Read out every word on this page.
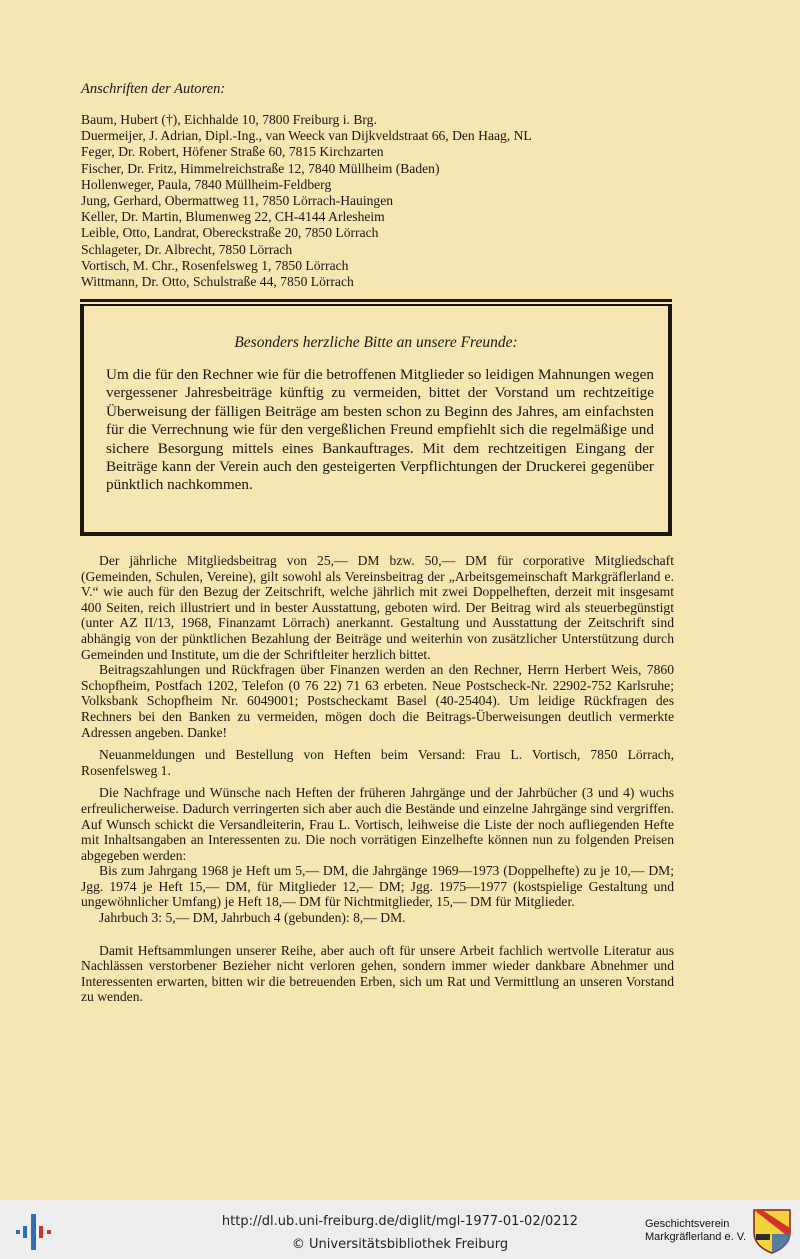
Anschriften der Autoren:
Baum, Hubert (†), Eichhalde 10, 7800 Freiburg i. Brg.
Duermeijer, J. Adrian, Dipl.-Ing., van Weeck van Dijkveldstraat 66, Den Haag, NL
Feger, Dr. Robert, Höfener Straße 60, 7815 Kirchzarten
Fischer, Dr. Fritz, Himmelreichstraße 12, 7840 Müllheim (Baden)
Hollenweger, Paula, 7840 Müllheim-Feldberg
Jung, Gerhard, Obermattweg 11, 7850 Lörrach-Hauingen
Keller, Dr. Martin, Blumenweg 22, CH-4144 Arlesheim
Leible, Otto, Landrat, Obereckstraße 20, 7850 Lörrach
Schlageter, Dr. Albrecht, 7850 Lörrach
Vortisch, M. Chr., Rosenfelsweg 1, 7850 Lörrach
Wittmann, Dr. Otto, Schulstraße 44, 7850 Lörrach
Besonders herzliche Bitte an unsere Freunde:
Um die für den Rechner wie für die betroffenen Mitglieder so leidigen Mahnungen wegen vergessener Jahresbeiträge künftig zu vermeiden, bittet der Vorstand um rechtzeitige Überweisung der fälligen Beiträge am besten schon zu Beginn des Jahres, am einfachsten für die Verrechnung wie für den vergeßlichen Freund empfiehlt sich die regelmäßige und sichere Besorgung mittels eines Bankauftrages. Mit dem rechtzeitigen Eingang der Beiträge kann der Verein auch den gesteigerten Verpflichtungen der Druckerei gegenüber pünktlich nachkommen.

Der jährliche Mitgliedsbeitrag von 25,— DM bzw. 50,— DM für corporative Mitgliedschaft (Gemeinden, Schulen, Vereine), gilt sowohl als Vereinsbeitrag der „Arbeitsgemeinschaft Markgräflerland e. V.“ wie auch für den Bezug der Zeitschrift, welche jährlich mit zwei Doppelheften, derzeit mit insgesamt 400 Seiten, reich illustriert und in bester Ausstattung, geboten wird. Der Beitrag wird als steuerbegünstigt (unter AZ II/13, 1968, Finanzamt Lörrach) anerkannt. Gestaltung und Ausstattung der Zeitschrift sind abhängig von der pünktlichen Bezahlung der Beiträge und weiterhin von zusätzlicher Unterstützung durch Gemeinden und Institute, um die der Schriftleiter herzlich bittet.

Beitragszahlungen und Rückfragen über Finanzen werden an den Rechner, Herrn Herbert Weis, 7860 Schopfheim, Postfach 1202, Telefon (0 76 22) 71 63 erbeten. Neue Postscheck-Nr. 22902-752 Karlsruhe; Volksbank Schopfheim Nr. 6049001; Postscheckamt Basel (40-25404). Um leidige Rückfragen des Rechners bei den Banken zu vermeiden, mögen doch die Beitrags-Überweisungen deutlich vermerkte Adressen angeben. Danke!

Neuanmeldungen und Bestellung von Heften beim Versand: Frau L. Vortisch, 7850 Lörrach, Rosenfelsweg 1.

Die Nachfrage und Wünsche nach Heften der früheren Jahrgänge und der Jahrbücher (3 und 4) wuchs erfreulicherweise. Dadurch verringerten sich aber auch die Bestände und einzelne Jahrgänge sind vergriffen. Auf Wunsch schickt die Versandleiterin, Frau L. Vortisch, leihweise die Liste der noch aufliegenden Hefte mit Inhaltsangaben an Interessenten zu. Die noch vorrätigen Einzelhefte können nun zu folgenden Preisen abgegeben werden:

Bis zum Jahrgang 1968 je Heft um 5,— DM, die Jahrgänge 1969—1973 (Doppelhefte) zu je 10,— DM; Jgg. 1974 je Heft 15,— DM, für Mitglieder 12,— DM; Jgg. 1975—1977 (kostspielige Gestaltung und ungewöhnlicher Umfang) je Heft 18,— DM für Nichtmitglieder, 15,— DM für Mitglieder.

Jahrbuch 3: 5,— DM, Jahrbuch 4 (gebunden): 8,— DM.

Damit Heftsammlungen unserer Reihe, aber auch oft für unsere Arbeit fachlich wertvolle Literatur aus Nachlässen verstorbener Bezieher nicht verloren gehen, sondern immer wieder dankbare Abnehmer und Interessenten erwarten, bitten wir die betreuenden Erben, sich um Rat und Vermittlung an unseren Vorstand zu wenden.

http://dl.ub.uni-freiburg.de/diglit/mgl-1977-01-02/0212
© Universitätsbibliothek Freiburg
Geschichtsverein
Markgräflerland e. V.
